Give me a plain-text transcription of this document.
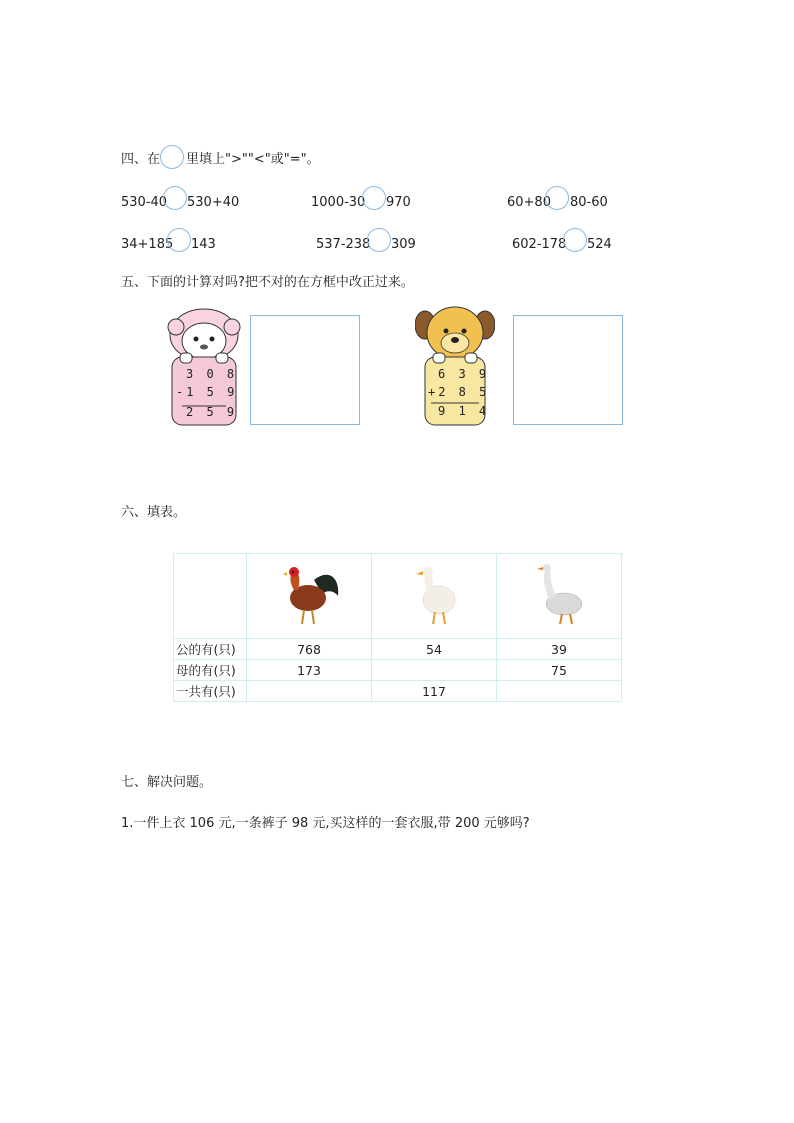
四、在 里填上">""<"或"="。
530-40 530+40	1000-30 970	60+80 80-60
34+185 143	537-238 309	602-178 524
五、下面的计算对吗?把不对的在方框中改正过来。
3 0 8
-1 5 9
2 5 9
6 3 9
+2 8 5
9 1 4
六、填表。

公的有(只)	768	54	39
母的有(只)	173		75
一共有(只)		117	
七、解决问题。
1.一件上衣 106 元,一条裤子 98 元,买这样的一套衣服,带 200 元够吗?
